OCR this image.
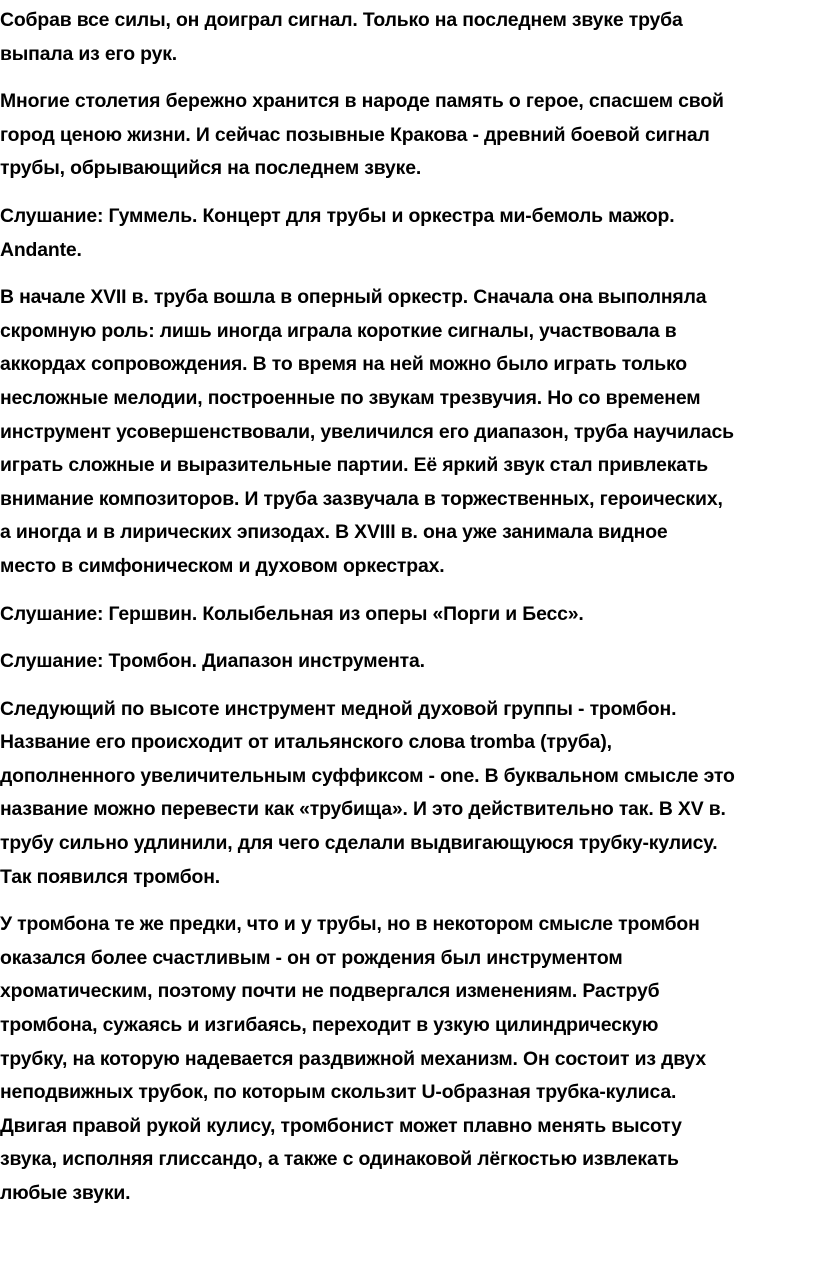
Собрав все силы, он доиграл сигнал. Только на последнем звуке труба
выпала из его рук.

Многие столетия бережно хранится в народе память о герое, спасшем свой
город ценою жизни. И сейчас позывные Кракова - древний боевой сигнал
трубы, обрывающийся на последнем звуке.

Слушание: Гуммель. Концерт для трубы и оркестра ми-бемоль мажор.
Andante.

В начале XVII в. труба вошла в оперный оркестр. Сначала она выполняла
скромную роль: лишь иногда играла короткие сигналы, участвовала в
аккордах сопровождения. В то время на ней можно было играть только
несложные мелодии, построенные по звукам трезвучия. Но со временем
инструмент усовершенствовали, увеличился его диапазон, труба научилась
играть сложные и выразительные партии. Её яркий звук стал привлекать
внимание композиторов. И труба зазвучала в торжественных, героических,
а иногда и в лирических эпизодах. В XVIII в. она уже занимала видное
место в симфоническом и духовом оркестрах.

Слушание: Гершвин. Колыбельная из оперы «Порги и Бесс».

Слушание: Тромбон. Диапазон инструмента.

Следующий по высоте инструмент медной духовой группы - тромбон.
Название его происходит от итальянского слова tromba (труба),
дополненного увеличительным суффиксом - one. В буквальном смысле это
название можно перевести как «трубища». И это действительно так. В XV в.
трубу сильно удлинили, для чего сделали выдвигающуюся трубку-кулису.
Так появился тромбон.

У тромбона те же предки, что и у трубы, но в некотором смысле тромбон
оказался более счастливым - он от рождения был инструментом
хроматическим, поэтому почти не подвергался изменениям. Раструб
тромбона, сужаясь и изгибаясь, переходит в узкую цилиндрическую
трубку, на которую надевается раздвижной механизм. Он состоит из двух
неподвижных трубок, по которым скользит U-образная трубка-кулиса.
Двигая правой рукой кулису, тромбонист может плавно менять высоту
звука, исполняя глиссандо, а также с одинаковой лёгкостью извлекать
любые звуки.
